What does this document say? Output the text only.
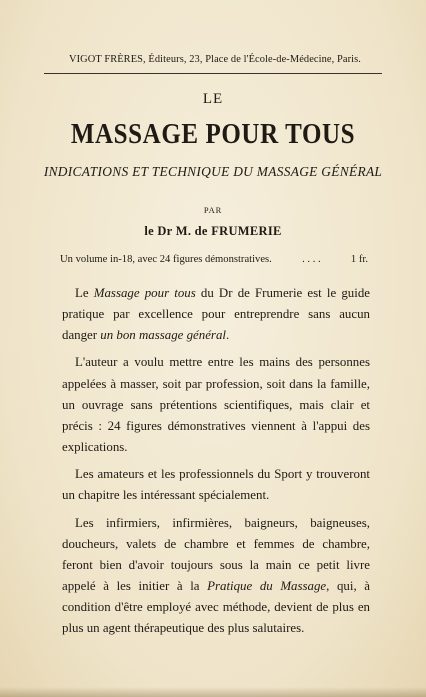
VIGOT FRÈRES, Éditeurs, 23, Place de l'École-de-Médecine, Paris.
LE
MASSAGE POUR TOUS
INDICATIONS ET TECHNIQUE DU MASSAGE GÉNÉRAL
PAR
le Dr M. de FRUMERIE
Un volume in-18, avec 24 figures démonstratives.	. . . .	1 fr.

Le Massage pour tous du Dr de Frumerie est le guide pratique par excellence pour entreprendre sans aucun danger un bon massage général.

L'auteur a voulu mettre entre les mains des personnes appelées à masser, soit par profession, soit dans la famille, un ouvrage sans prétentions scientifiques, mais clair et précis : 24 figures démonstratives viennent à l'appui des explications.

Les amateurs et les professionnels du Sport y trouveront un chapitre les intéressant spécialement.

Les infirmiers, infirmières, baigneurs, baigneuses, doucheurs, valets de chambre et femmes de chambre, feront bien d'avoir toujours sous la main ce petit livre appelé à les initier à la Pratique du Massage, qui, à condition d'être employé avec méthode, devient de plus en plus un agent thérapeutique des plus salutaires.
